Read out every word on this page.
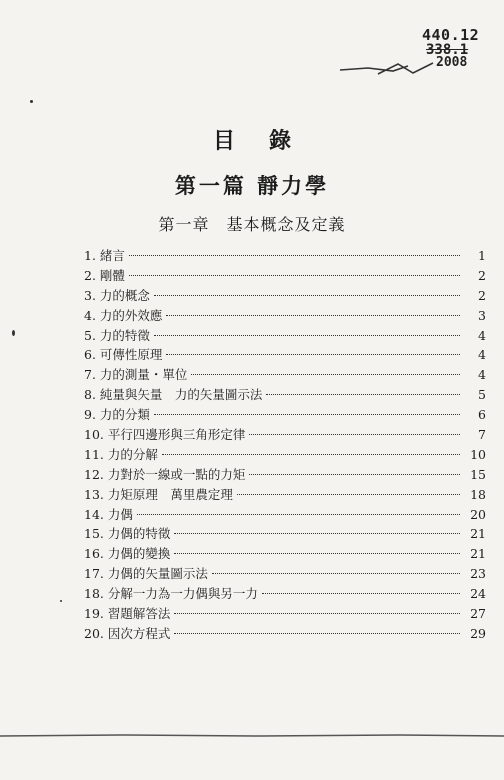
440.12
338.1
2008
目錄
第一篇 靜力學
第一章　基本概念及定義
1. 緒言	1
2. 剛體	2
3. 力的概念	2
4. 力的外效應	3
5. 力的特徵	4
6. 可傳性原理	4
7. 力的測量・單位	4
8. 純量與矢量　力的矢量圖示法	5
9. 力的分類	6
10. 平行四邊形與三角形定律	7
11. 力的分解	10
12. 力對於一線或一點的力矩	15
13. 力矩原理　萬里農定理	18
14. 力偶	20
15. 力偶的特徵	21
16. 力偶的變換	21
17. 力偶的矢量圖示法	23
18. 分解一力為一力偶與另一力	24
19. 習題解答法	27
20. 因次方程式	29
